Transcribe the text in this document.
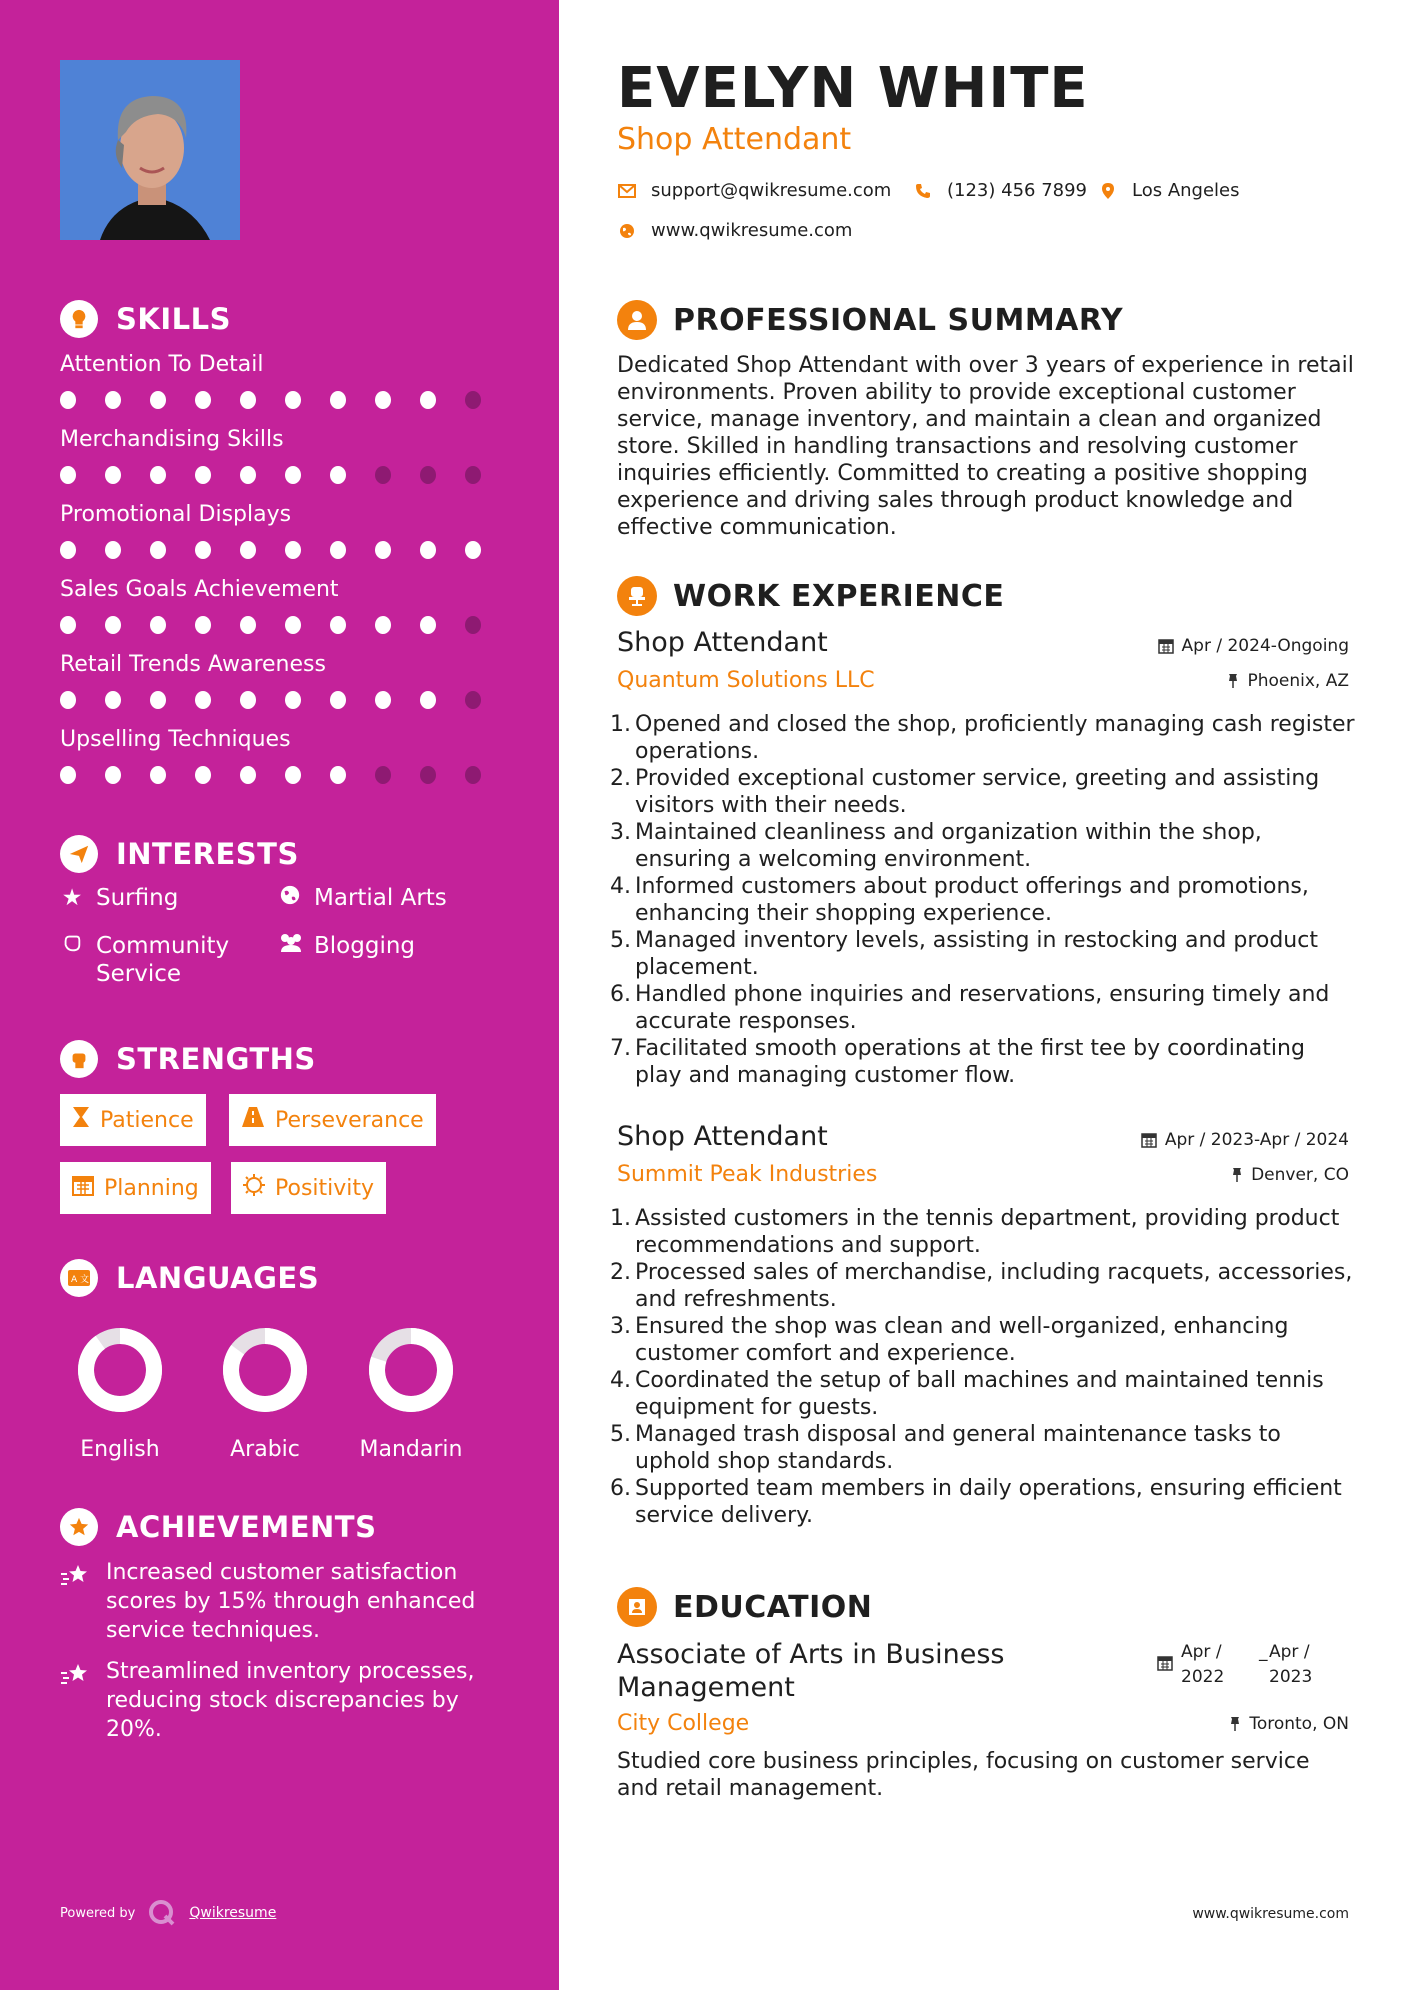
SKILLS
Attention To Detail
Merchandising Skills
Promotional Displays
Sales Goals Achievement
Retail Trends Awareness
Upselling Techniques
INTERESTS
★ Surfing	Martial Arts
Community Service
Blogging
STRENGTHS
Patience	Perseverance
Planning	Positivity
A 文 LANGUAGES
English	Arabic	Mandarin
ACHIEVEMENTS
Increased customer satisfaction scores by 15% through enhanced service techniques.
Streamlined inventory processes, reducing stock discrepancies by 20%.
Powered by	Qwikresume
EVELYN WHITE
Shop Attendant
support@qwikresume.com	(123) 456 7899 Los Angeles
www.qwikresume.com
PROFESSIONAL SUMMARY
Dedicated Shop Attendant with over 3 years of experience in retail environments. Proven ability to provide exceptional customer service, manage inventory, and maintain a clean and organized store. Skilled in handling transactions and resolving customer inquiries efficiently. Committed to creating a positive shopping experience and driving sales through product knowledge and effective communication.
WORK EXPERIENCE
Shop Attendant
Quantum Solutions LLC
Apr / 2024-Ongoing
Phoenix, AZ
1. Opened and closed the shop, proficiently managing cash register operations.
2. Provided exceptional customer service, greeting and assisting visitors with their needs.
3. Maintained cleanliness and organization within the shop, ensuring a welcoming environment.
4. Informed customers about product offerings and promotions, enhancing their shopping experience.
5. Managed inventory levels, assisting in restocking and product placement.
6. Handled phone inquiries and reservations, ensuring timely and accurate responses.
7. Facilitated smooth operations at the first tee by coordinating play and managing customer flow.
Shop Attendant
Summit Peak Industries
Apr / 2023-Apr / 2024
Denver, CO
1. Assisted customers in the tennis department, providing product recommendations and support.
2. Processed sales of merchandise, including racquets, accessories, and refreshments.
3. Ensured the shop was clean and well-organized, enhancing customer comfort and experience.
4. Coordinated the setup of ball machines and maintained tennis equipment for guests.
5. Managed trash disposal and general maintenance tasks to uphold shop standards.
6. Supported team members in daily operations, ensuring efficient service delivery.
EDUCATION
Associate of Arts in Business Management
Apr / 2022
_ Apr / 2023
City College	Toronto, ON
Studied core business principles, focusing on customer service and retail management.
www.qwikresume.com
